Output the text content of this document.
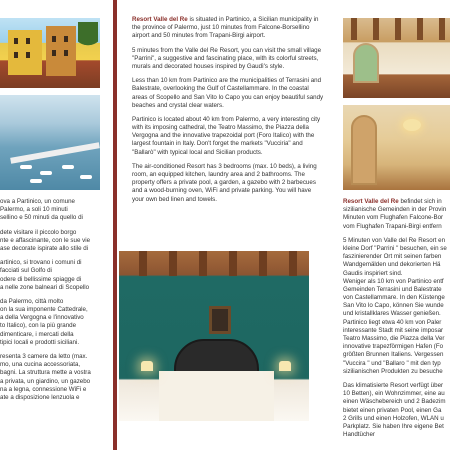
ova a Partinico, un comune
Palermo, a soli 10 minuti
sellino e 50 minuti da quello di

dete visitare il piccolo borgo
nte e affascinante, con le sue vie
ase decorate ispirate allo stile di

artinico, si trovano i comuni di
facciati sul Golfo di
odere di bellissime spiagge di
a nelle zone balneari di Scopello

da Palermo, città molto
on la sua imponente Cattedrale,
a della Vergogna e l'innovativo
to Italico), con la più grande
dimenticare, i mercati della
tipici locali e prodotti siciliani.

resenta 3 camere da letto (max.
mo, una cucina accessoriata,
bagni. La struttura mette a vostra
a privata, un giardino, un gazebo
na a legna, connessione WiFi e
ate a disposizione lenzuola e

Resort Valle del Re is situated in Partinico, a Sicilian municipality in the province of Palermo, just 10 minutes from Falcone-Borsellino airport and 50 minutes from Trapani-Birgi airport.

5 minutes from the Valle del Re Resort, you can visit the small village "Parrini", a suggestive and fascinating place, with its colorful streets, murals and decorated houses inspired by Gaudì's style.

Less than 10 km from Partinico are the municipalities of Terrasini and Balestrate, overlooking the Gulf of Castellammare. In the coastal areas of Scopello and San Vito lo Capo you can enjoy beautiful sandy beaches and crystal clear waters.

Partinico is located about 40 km from Palermo, a very interesting city with its imposing cathedral, the Teatro Massimo, the Piazza della Vergogna and the innovative trapezoidal port (Foro Italico) with the largest fountain in Italy. Don't forget the markets "Vucciria" and "Ballarò" with typical local and Sicilian products.

The air-conditioned Resort has 3 bedrooms (max. 10 beds), a living room, an equipped kitchen, laundry area and 2 bathrooms. The property offers a private pool, a garden, a gazebo with 2 barbecues and a wood-burning oven, WiFi and private parking. You will have your own bed linen and towels.	Resort Valle del Re befindet sich in
sizilianische Gemeinden in der Provin
Minuten vom Flughafen Falcone-Bor
vom Flughafen Trapani-Birgi entfern

5 Minuten von Valle del Re Resort en
kleine Dorf "Parrini " besuchen, ein se
faszinierender Ort mit seinen farben
Wandgemälden und dekorierten Hä
Gaudis inspiriert sind.
Weniger als 10 km von Partinico entf
Gemeinden Terrasini und Balestrate
von Castellammare. In den Küstenge
San Vito lo Capo, können Sie wunde
und kristallklares Wasser genießen.
Partinico liegt etwa 40 km von Paler
interessante Stadt mit seine imposar
Teatro Massimo, die Piazza della Ver
innovative trapezförmigen Hafen (Fo
größten Brunnen Italiens. Vergessen
"Vuccira " und "Ballaro " mit den typ
sizilianischen Produkten zu besuche

Das klimatisierte Resort verfügt über
10 Betten), ein Wohnzimmer, eine au
einen Wäschebereich und 2 Badezim
bietet einen privaten Pool, einen Ga
2 Grills und einen Holzofen, WLAN u
Parkplatz. Sie haben Ihre eigene Bet
Handtücher
